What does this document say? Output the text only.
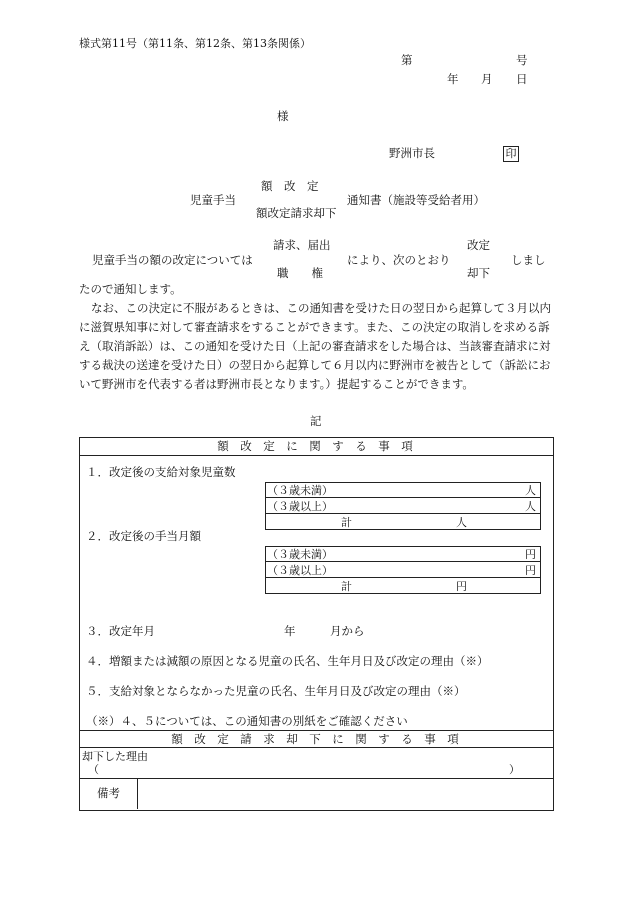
様式第11号（第11条、第12条、第13条関係）
第	号
年 月 日
様
野洲市長	印
額　改　定
児童手当	通知書（施設等受給者用）
額改定請求却下
請求、届出	改定
児童手当の額の改定については	により、次のとおり	しまし
職　　権	却下
たので通知します。
なお、この決定に不服があるときは、この通知書を受けた日の翌日から起算して３月以内に滋賀県知事に対して審査請求をすることができます。また、この決定の取消しを求める訴え（取消訴訟）は、この通知を受けた日（上記の審査請求をした場合は、当該審査請求に対する裁決の送達を受けた日）の翌日から起算して６月以内に野洲市を被告として（訴訟において野洲市を代表する者は野洲市長となります。）提起することができます。
記
額　改　定　に　関　す　る　事　項
１．改定後の支給対象児童数
（３歳未満）	人
（３歳以上）	人
計	人
２．改定後の手当月額
（３歳未満）	円
（３歳以上）	円
計	円
３．改定年月	年	月から
４．増額または減額の原因となる児童の氏名、生年月日及び改定の理由（※）
５．支給対象とならなかった児童の氏名、生年月日及び改定の理由（※）
（※）４、５については、この通知書の別紙をご確認ください
額　改　定　請　求　却　下　に　関　す　る　事　項
却下した理由
（	）
備考
